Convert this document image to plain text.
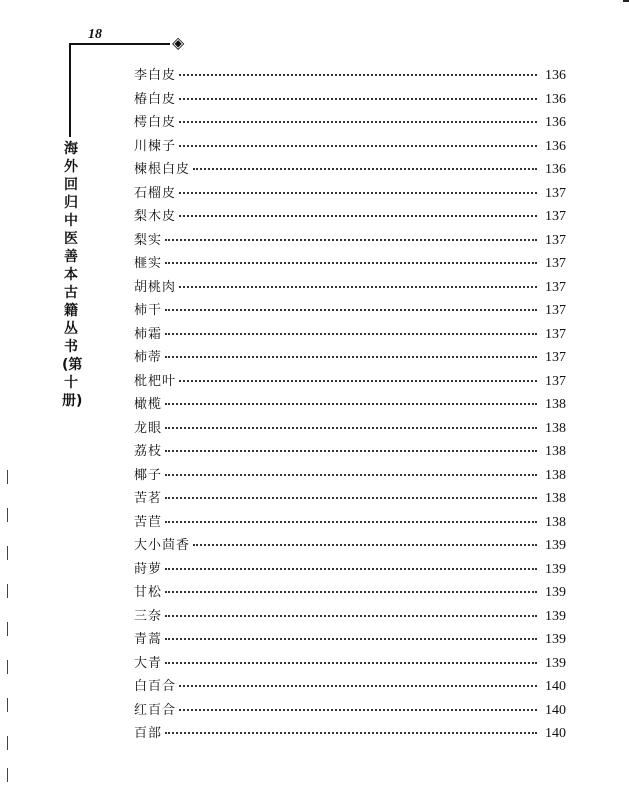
18	◈
海外回归中医善本古籍丛书(第十册)
李白皮	136
椿白皮	136
樗白皮	136
川楝子	136
楝根白皮	136
石榴皮	137
梨木皮	137
梨实	137
榧实	137
胡桃肉	137
柿干	137
柿霜	137
柿蒂	137
枇杷叶	137
橄榄	138
龙眼	138
荔枝	138
椰子	138
苦茗	138
苦苣	138
大小茴香	139
莳萝	139
甘松	139
三奈	139
青蒿	139
大青	139
白百合	140
红百合	140
百部	140
